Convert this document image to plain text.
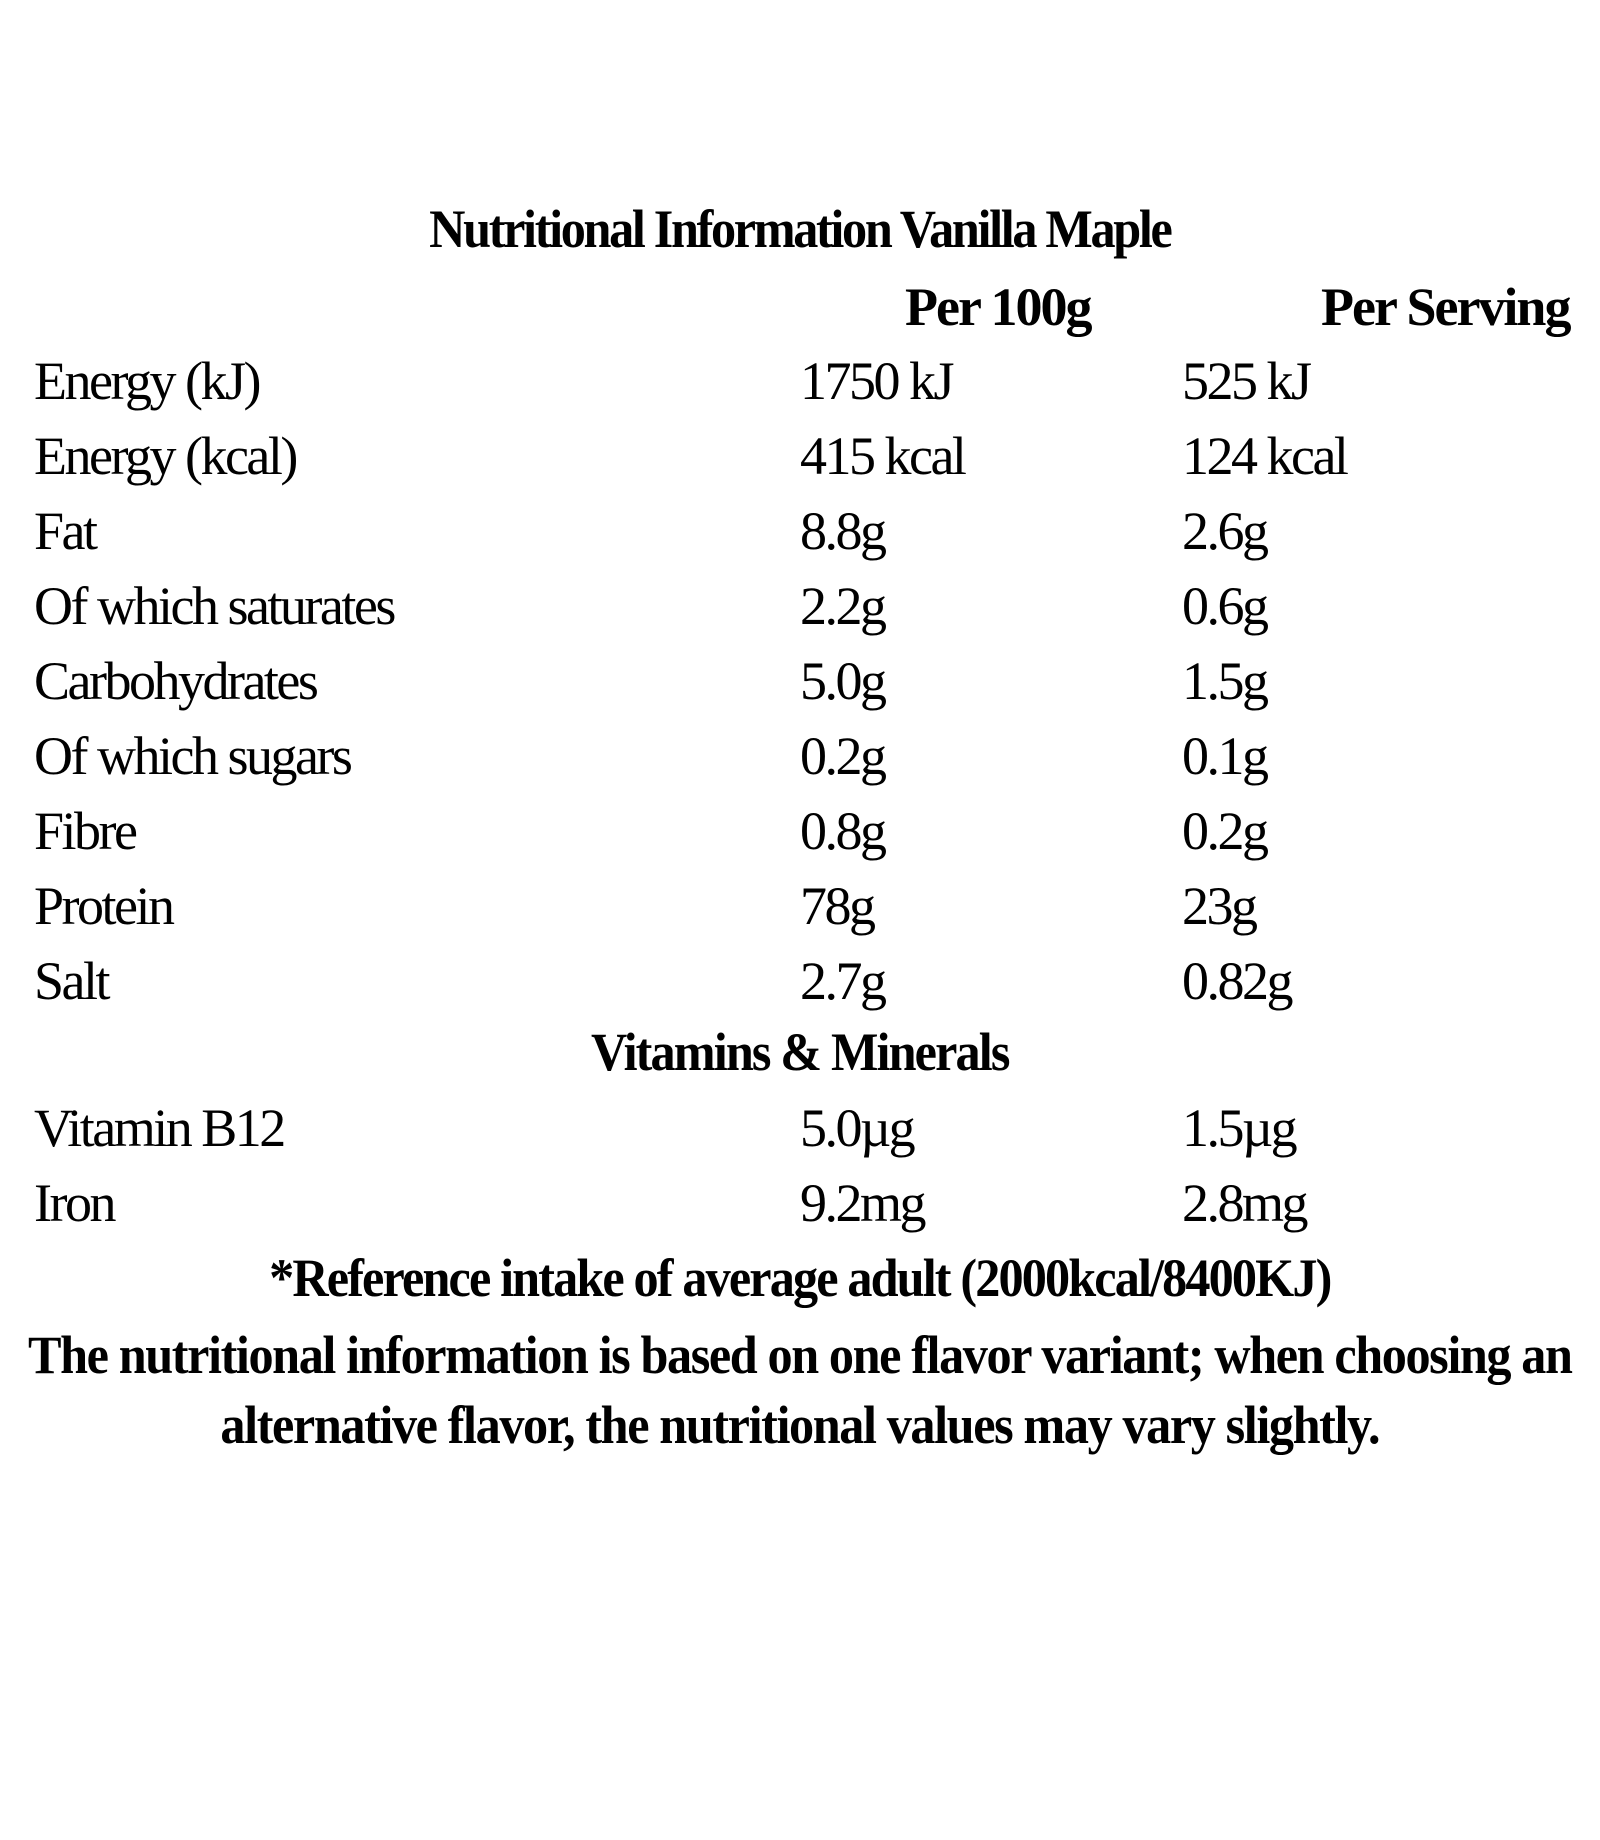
Nutritional Information Vanilla Maple
Per 100g	Per Serving
Energy (kJ)	1750 kJ	525 kJ
Energy (kcal)	415 kcal	124 kcal
Fat	8.8g	2.6g
Of which saturates	2.2g	0.6g
Carbohydrates	5.0g	1.5g
Of which sugars	0.2g	0.1g
Fibre	0.8g	0.2g
Protein	78g	23g
Salt	2.7g	0.82g
Vitamins & Minerals
Vitamin B12	5.0µg	1.5µg
Iron	9.2mg	2.8mg
*Reference intake of average adult (2000kcal/8400KJ)
The nutritional information is based on one flavor variant; when choosing an alternative flavor, the nutritional values may vary slightly.
